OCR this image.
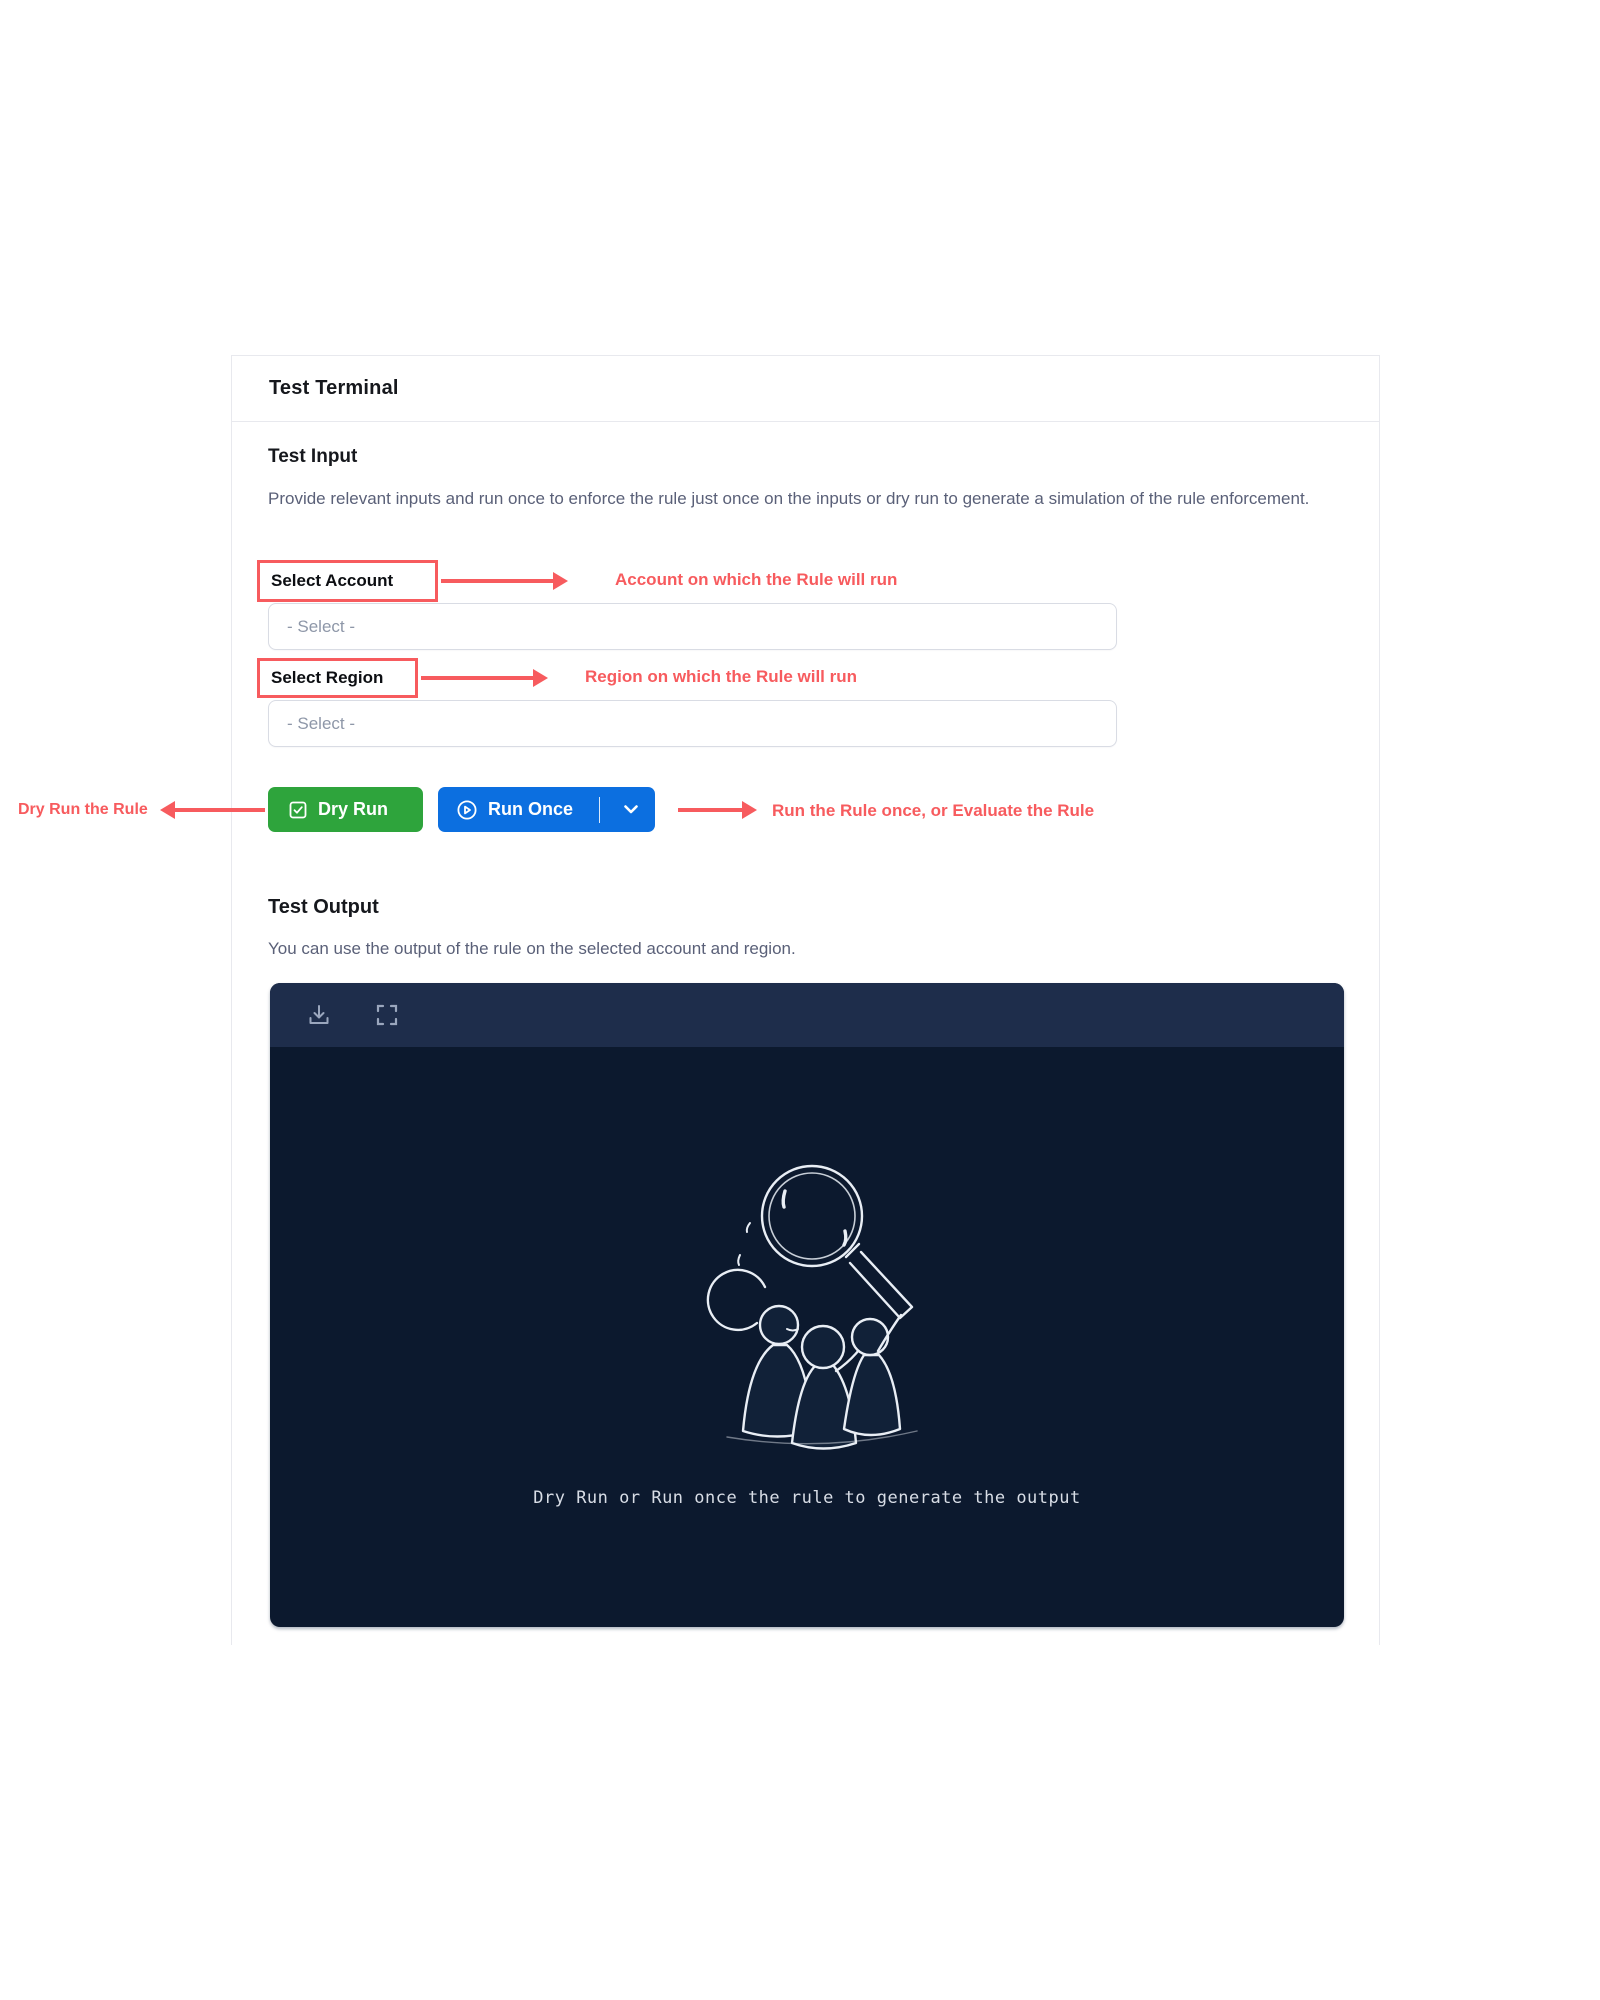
Test Terminal
Test Input
Provide relevant inputs and run once to enforce the rule just once on the inputs or dry run to generate a simulation of the rule enforcement.
Select Account	Account on which the Rule will run
- Select -
Select Region	Region on which the Rule will run
- Select -
Dry Run	Run Once
Dry Run the Rule	Run the Rule once, or Evaluate the Rule
Test Output
You can use the output of the rule on the selected account and region.
Dry Run or Run once the rule to generate the output
